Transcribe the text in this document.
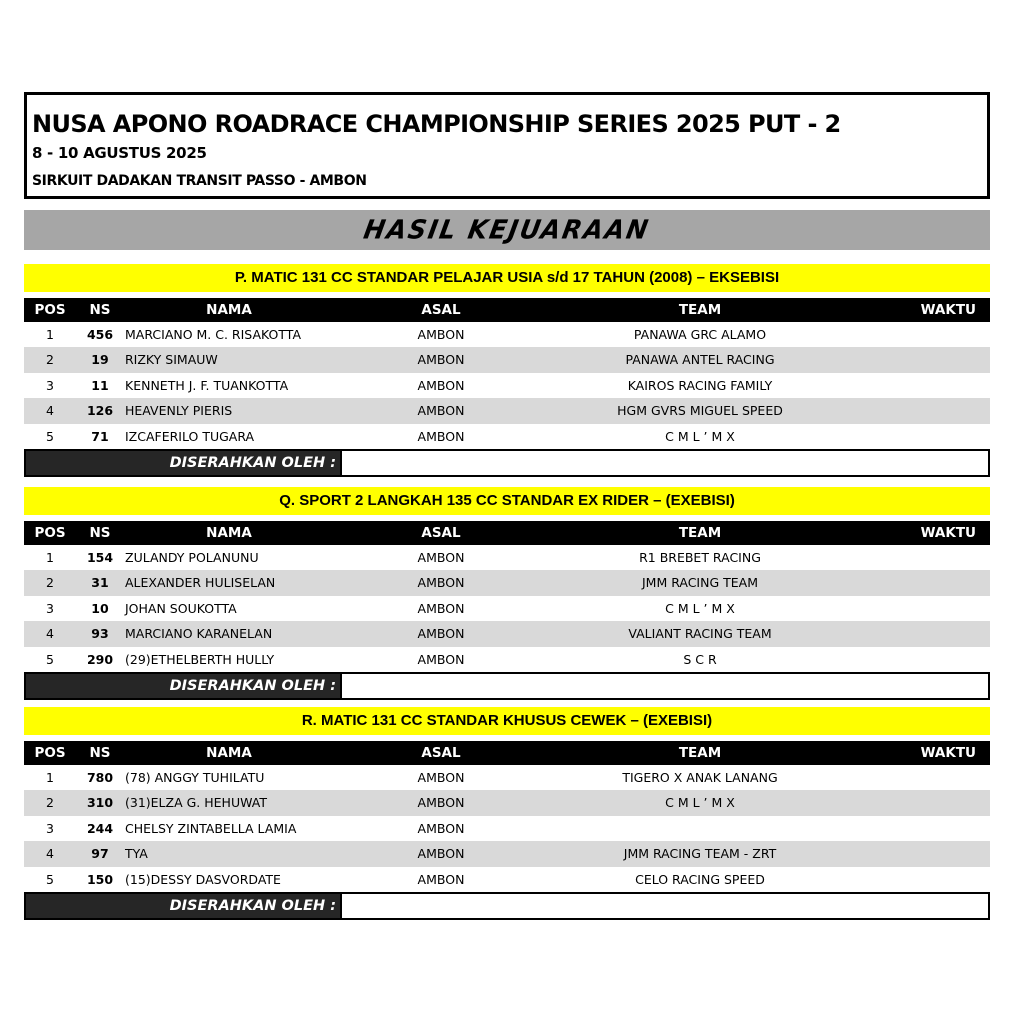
NUSA APONO ROADRACE CHAMPIONSHIP SERIES 2025 PUT - 2
8 - 10 AGUSTUS 2025
SIRKUIT DADAKAN TRANSIT PASSO - AMBON
HASIL KEJUARAAN
P. MATIC 131 CC STANDAR PELAJAR USIA s/d 17 TAHUN (2008) – EKSEBISI
POS	NS	NAMA	ASAL	TEAM	WAKTU
1	456 MARCIANO M. C. RISAKOTTA	AMBON	PANAWA GRC ALAMO
2	19	RIZKY SIMAUW	AMBON	PANAWA ANTEL RACING
3	11	KENNETH J. F. TUANKOTTA	AMBON	KAIROS RACING FAMILY
4	126 HEAVENLY PIERIS	AMBON	HGM GVRS MIGUEL SPEED
5	71	IZCAFERILO TUGARA	AMBON	C M L ’ M X
DISERAHKAN OLEH :
Q. SPORT 2 LANGKAH 135 CC STANDAR EX RIDER – (EXEBISI)
POS	NS	NAMA	ASAL	TEAM	WAKTU
1	154 ZULANDY POLANUNU	AMBON	R1 BREBET RACING
2	31	ALEXANDER HULISELAN	AMBON	JMM RACING TEAM
3	10	JOHAN SOUKOTTA	AMBON	C M L ’ M X
4	93	MARCIANO KARANELAN	AMBON	VALIANT RACING TEAM
5	290 (29)ETHELBERTH HULLY	AMBON	S C R
DISERAHKAN OLEH :
R. MATIC 131 CC STANDAR KHUSUS CEWEK – (EXEBISI)
POS	NS	NAMA	ASAL	TEAM	WAKTU
1	780 (78) ANGGY TUHILATU	AMBON	TIGERO X ANAK LANANG
2	310 (31)ELZA G. HEHUWAT	AMBON	C M L ’ M X
3	244 CHELSY ZINTABELLA LAMIA	AMBON
4	97	TYA	AMBON	JMM RACING TEAM - ZRT
5	150 (15)DESSY DASVORDATE	AMBON	CELO RACING SPEED
DISERAHKAN OLEH :
